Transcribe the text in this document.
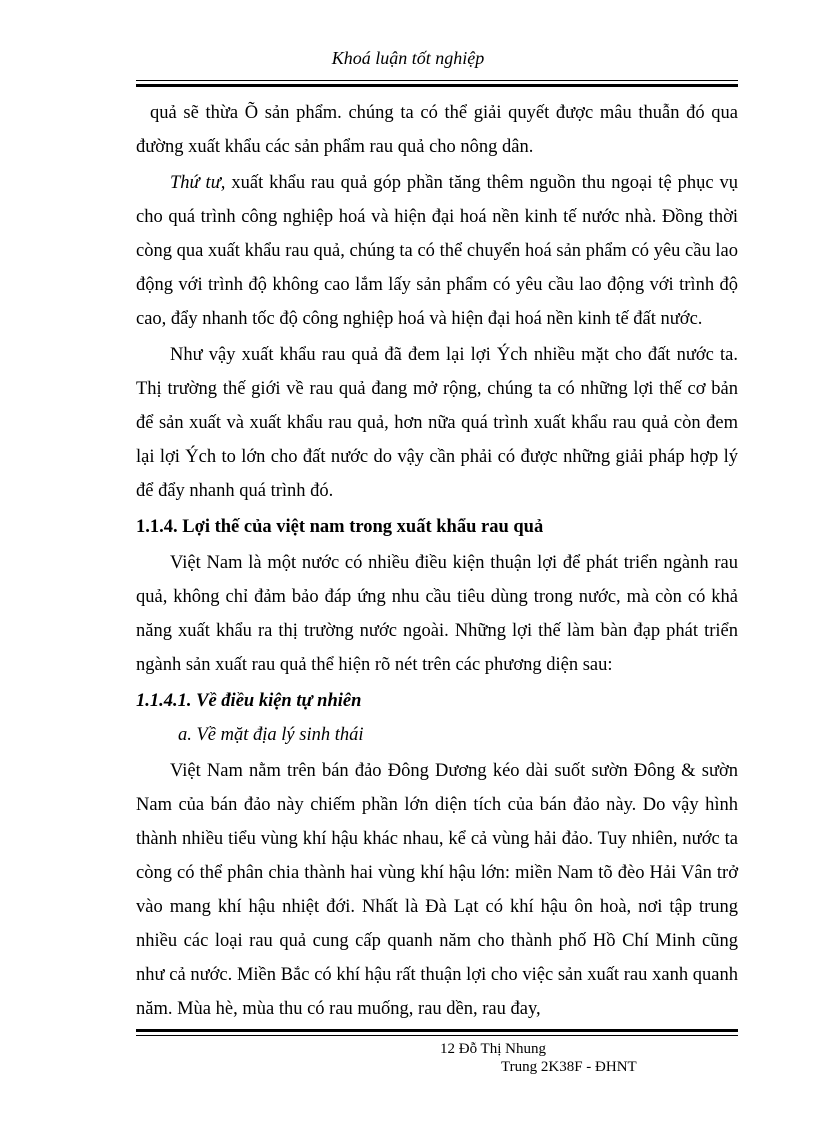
Khoá luận tốt nghiệp

quả sẽ thừa Õ sản phẩm. chúng ta có thể giải quyết được mâu thuẫn đó qua đường xuất khẩu các sản phẩm rau quả cho nông dân.

Thứ tư, xuất khẩu rau quả góp phần tăng thêm nguồn thu ngoại tệ phục vụ cho quá trình công nghiệp hoá và hiện đại hoá nền kinh tế nước nhà. Đồng thời còng qua xuất khẩu rau quả, chúng ta có thể chuyển hoá sản phẩm có yêu cầu lao động với trình độ không cao lắm lấy sản phẩm có yêu cầu lao động với trình độ cao, đẩy nhanh tốc độ công nghiệp hoá và hiện đại hoá nền kinh tế đất nước.

Như vậy xuất khẩu rau quả đã đem lại lợi Ých nhiều mặt cho đất nước ta. Thị trường thế giới về rau quả đang mở rộng, chúng ta có những lợi thế cơ bản để sản xuất và xuất khẩu rau quả, hơn nữa quá trình xuất khẩu rau quả còn đem lại lợi Ých to lớn cho đất nước do vậy cần phải có được những giải pháp hợp lý để đẩy nhanh quá trình đó.

1.1.4. Lợi thế của việt nam trong xuất khẩu rau quả

Việt Nam là một nước có nhiều điều kiện thuận lợi để phát triển ngành rau quả, không chỉ đảm bảo đáp ứng nhu cầu tiêu dùng trong nước, mà còn có khả năng xuất khẩu ra thị trường nước ngoài. Những lợi thế làm bàn đạp phát triển ngành sản xuất rau quả thể hiện rõ nét trên các phương diện sau:

1.1.4.1. Về điều kiện tự nhiên
a. Về mặt địa lý sinh thái

Việt Nam nằm trên bán đảo Đông Dương kéo dài suốt sườn Đông & sườn Nam của bán đảo này chiếm phần lớn diện tích của bán đảo này. Do vậy hình thành nhiều tiểu vùng khí hậu khác nhau, kể cả vùng hải đảo. Tuy nhiên, nước ta còng có thể phân chia thành hai vùng khí hậu lớn: miền Nam tõ đèo Hải Vân trở vào mang khí hậu nhiệt đới. Nhất là Đà Lạt có khí hậu ôn hoà, nơi tập trung nhiều các loại rau quả cung cấp quanh năm cho thành phố Hồ Chí Minh cũng như cả nước. Miền Bắc có khí hậu rất thuận lợi cho việc sản xuất rau xanh quanh năm. Mùa hè, mùa thu có rau muống, rau dền, rau đay,

12 Đỗ Thị Nhung
Trung 2K38F - ĐHNT
